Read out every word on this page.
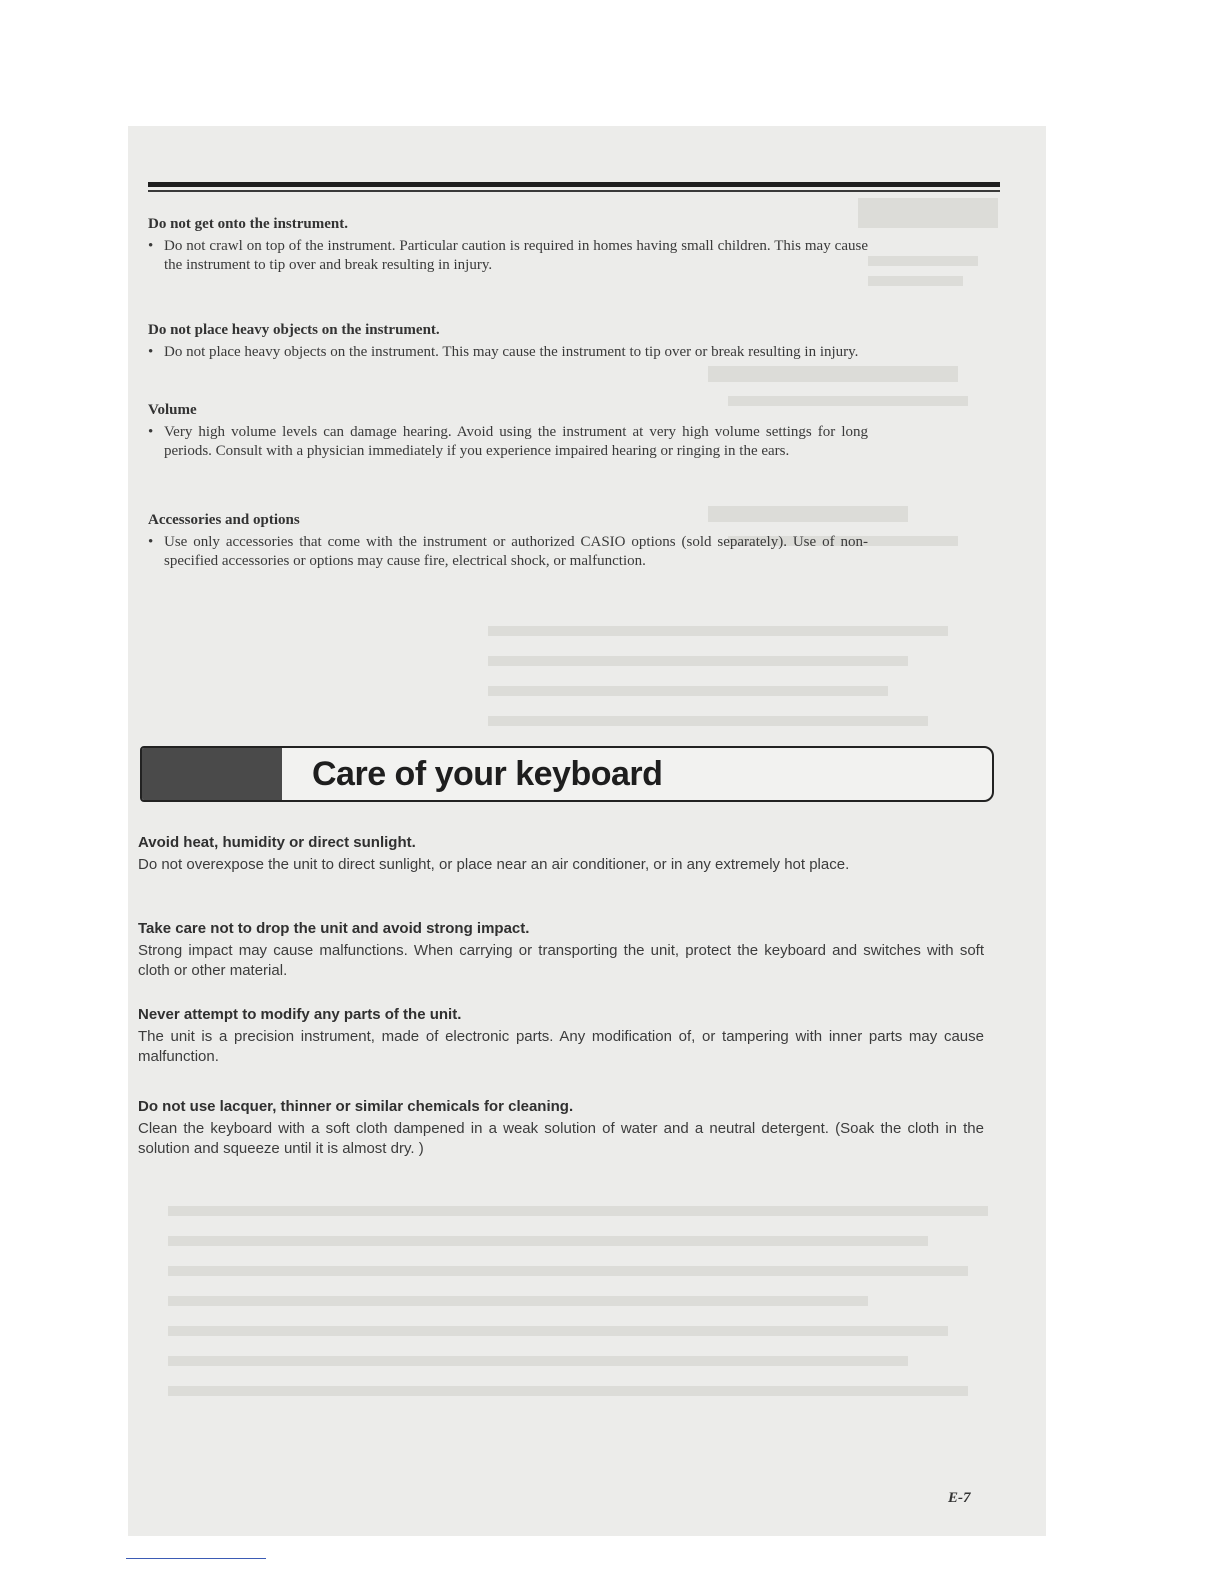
Do not get onto the instrument.
• Do not crawl on top of the instrument. Particular caution is required in homes having small children. This may cause the instrument to tip over and break resulting in injury.
Do not place heavy objects on the instrument.
• Do not place heavy objects on the instrument. This may cause the instrument to tip over or break resulting in injury.
Volume
• Very high volume levels can damage hearing. Avoid using the instrument at very high volume settings for long periods. Consult with a physician immediately if you experience impaired hearing or ringing in the ears.
Accessories and options
• Use only accessories that come with the instrument or authorized CASIO options (sold separately). Use of non-specified accessories or options may cause fire, electrical shock, or malfunction.
Care of your keyboard
Avoid heat, humidity or direct sunlight.

Do not overexpose the unit to direct sunlight, or place near an air conditioner, or in any extremely hot place.

Take care not to drop the unit and avoid strong impact.

Strong impact may cause malfunctions. When carrying or transporting the unit, protect the keyboard and switches with soft cloth or other material.

Never attempt to modify any parts of the unit.

The unit is a precision instrument, made of electronic parts. Any modification of, or tampering with inner parts may cause malfunction.

Do not use lacquer, thinner or similar chemicals for cleaning.

Clean the keyboard with a soft cloth dampened in a weak solution of water and a neutral detergent. (Soak the cloth in the solution and squeeze until it is almost dry. )

E-7
